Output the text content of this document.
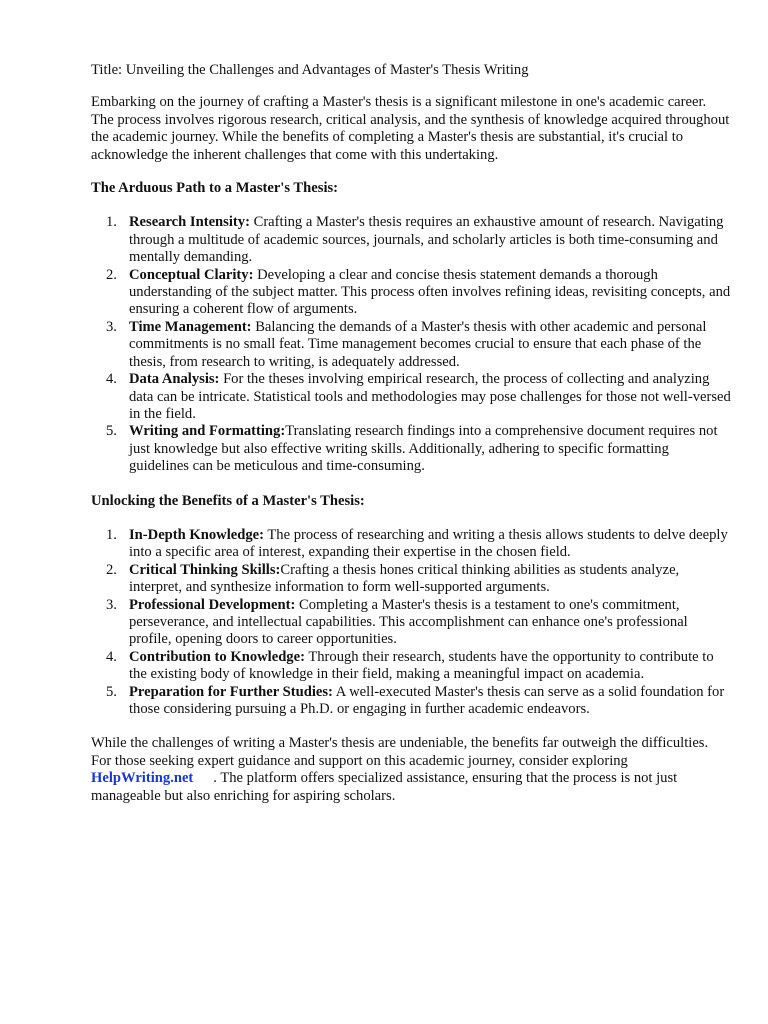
Title: Unveiling the Challenges and Advantages of Master's Thesis Writing

Embarking on the journey of crafting a Master's thesis is a significant milestone in one's academic career. The process involves rigorous research, critical analysis, and the synthesis of knowledge acquired throughout the academic journey. While the benefits of completing a Master's thesis are substantial, it's crucial to acknowledge the inherent challenges that come with this undertaking.

The Arduous Path to a Master's Thesis:

1. Research Intensity: Crafting a Master's thesis requires an exhaustive amount of research. Navigating through a multitude of academic sources, journals, and scholarly articles is both time-consuming and mentally demanding.
2. Conceptual Clarity: Developing a clear and concise thesis statement demands a thorough understanding of the subject matter. This process often involves refining ideas, revisiting concepts, and ensuring a coherent flow of arguments.
3. Time Management: Balancing the demands of a Master's thesis with other academic and personal commitments is no small feat. Time management becomes crucial to ensure that each phase of the thesis, from research to writing, is adequately addressed.
4. Data Analysis: For the theses involving empirical research, the process of collecting and analyzing data can be intricate. Statistical tools and methodologies may pose challenges for those not well-versed in the field.
5. Writing and Formatting:Translating research findings into a comprehensive document requires not just knowledge but also effective writing skills. Additionally, adhering to specific formatting guidelines can be meticulous and time-consuming.

Unlocking the Benefits of a Master's Thesis:

1. In-Depth Knowledge: The process of researching and writing a thesis allows students to delve deeply into a specific area of interest, expanding their expertise in the chosen field.
2. Critical Thinking Skills:Crafting a thesis hones critical thinking abilities as students analyze, interpret, and synthesize information to form well-supported arguments.
3. Professional Development: Completing a Master's thesis is a testament to one's commitment, perseverance, and intellectual capabilities. This accomplishment can enhance one's professional profile, opening doors to career opportunities.
4. Contribution to Knowledge: Through their research, students have the opportunity to contribute to the existing body of knowledge in their field, making a meaningful impact on academia.
5. Preparation for Further Studies: A well-executed Master's thesis can serve as a solid foundation for those considering pursuing a Ph.D. or engaging in further academic endeavors.

While the challenges of writing a Master's thesis are undeniable, the benefits far outweigh the difficulties. For those seeking expert guidance and support on this academic journey, consider exploringHelpWriting.net . The platform offers specialized assistance, ensuring that the process is not just manageable but also enriching for aspiring scholars.
